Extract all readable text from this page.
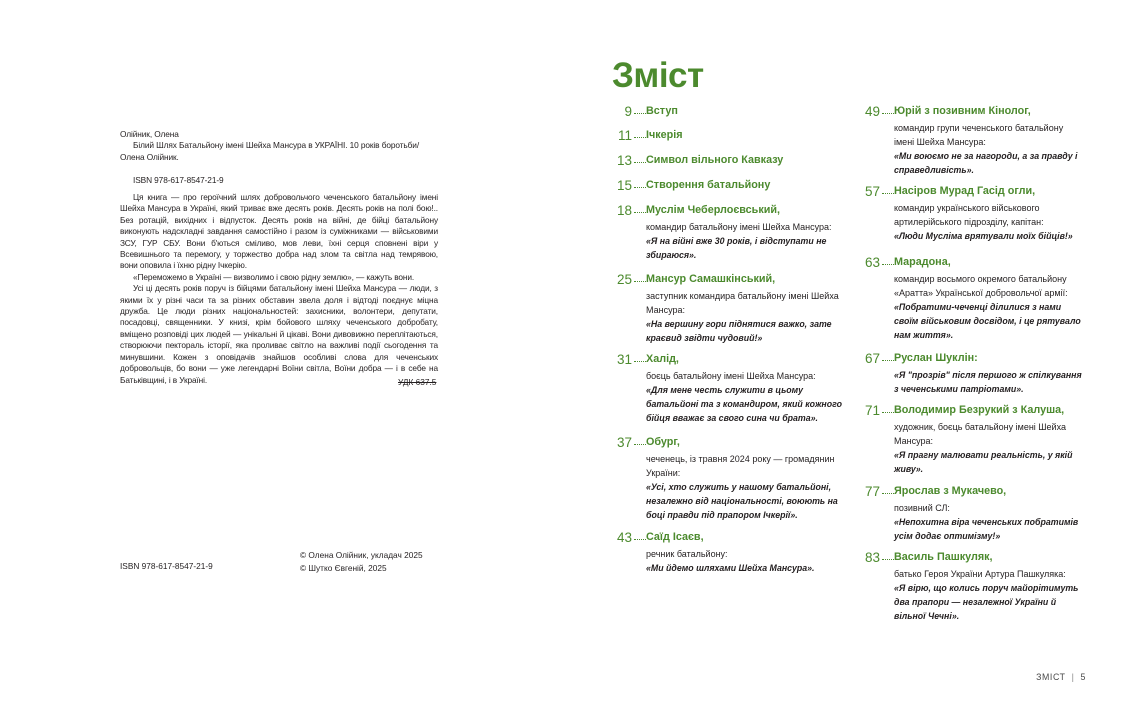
Олійник, Олена
Білий Шлях Батальйону імені Шейха Мансура в УКРАЇНІ. 10 років боротьби/
Олена Олійник.
ISBN 978-617-8547-21-9

Ця книга — про героїчний шлях добровольчого чеченського батальйону імені Шейха Мансура в Україні, який триває вже десять років. Десять років на полі бою!.. Без ротацій, вихідних і відпусток. Десять років на війні, де бійці батальйону виконують надскладні завдання самостійно і разом із суміжниками — військовими ЗСУ, ГУР СБУ. Вони б'ються сміливо, мов леви, їхні серця сповнені віри у Всевишнього та перемогу, у торжество добра над злом та світла над темрявою, вони оповила і їхню рідну Ічкерію.

«Переможемо в Україні — визволимо і свою рідну землю», — кажуть вони.

Усі ці десять років поруч із бійцями батальйону імені Шейха Мансура — люди, з якими їх у різні часи та за різних обставин звела доля і відтоді поєднує міцна дружба. Це люди різних національностей: захисники, волонтери, депутати, посадовці, священники. У книзі, крім бойового шляху чеченського добробату, вміщено розповіді цих людей — унікальні й цікаві. Вони дивовижно переплітаються, створюючи пектораль історії, яка проливає світло на важливі події сьогодення та минувшини. Кожен з оповідачів знайшов особливі слова для чеченських добровольців, бо вони — уже легендарні Воїни світла, Воїни добра — і в себе на Батьківщині, і в Україні.	УДК 637.5
ISBN 978-617-8547-21-9
© Олена Олійник, укладач 2025
© Шутко Євгеній, 2025
Зміст
9 Вступ
11 Ічкерія
13 Символ вільного Кавказу
15 Створення батальйону
18 Муслім Чеберлоєвський,
командир батальйону імені Шейха Мансура:
«Я на війні вже 30 років, і відступати не збираюся».
25 Мансур Самашкінський,
заступник командира батальйону імені Шейха Мансура:
«На вершину гори піднятися важко, зате краєвид звідти чудовий!»
31 Халід,
боєць батальйону імені Шейха Мансура:
«Для мене честь служити в цьому батальйоні та з командиром, який кожного бійця вважає за свого сина чи брата».
37 Обург,
чеченець, із травня 2024 року — громадянин України:
«Усі, хто служить у нашому батальйоні, незалежно від національності, воюють на боці правди під прапором Ічкерії».
43 Саїд Ісаєв,
речник батальйону:
«Ми йдемо шляхами Шейха Мансура».
49 Юрій з позивним Кінолог,
командир групи чеченського батальйону імені Шейха Мансура:
«Ми воюємо не за нагороди, а за правду і справедливість».
57 Насіров Мурад Гасід огли,
командир українського військового артилерійського підрозділу, капітан:
«Люди Мусліма врятували моїх бійців!»
63 Марадона,
командир восьмого окремого батальйону «Аратта» Української добровольчої армії:
«Побратими-чеченці ділилися з нами своїм військовим досвідом, і це рятувало нам життя».
67 Руслан Шуклін:
«Я "прозрів" після першого ж спілкування з чеченськими патріотами».
71 Володимир Безрукий з Калуша,
художник, боєць батальйону імені Шейха Мансура:
«Я прагну малювати реальність, у якій живу».
77 Ярослав з Мукачево,
позивний СЛ:
«Непохитна віра чеченських побратимів усім додає оптимізму!»
83 Василь Пашкуляк,
батько Героя України Артура Пашкуляка:
«Я вірю, що колись поруч майорітимуть два прапори — незалежної України й вільної Чечні».
ЗМІСТ | 5
